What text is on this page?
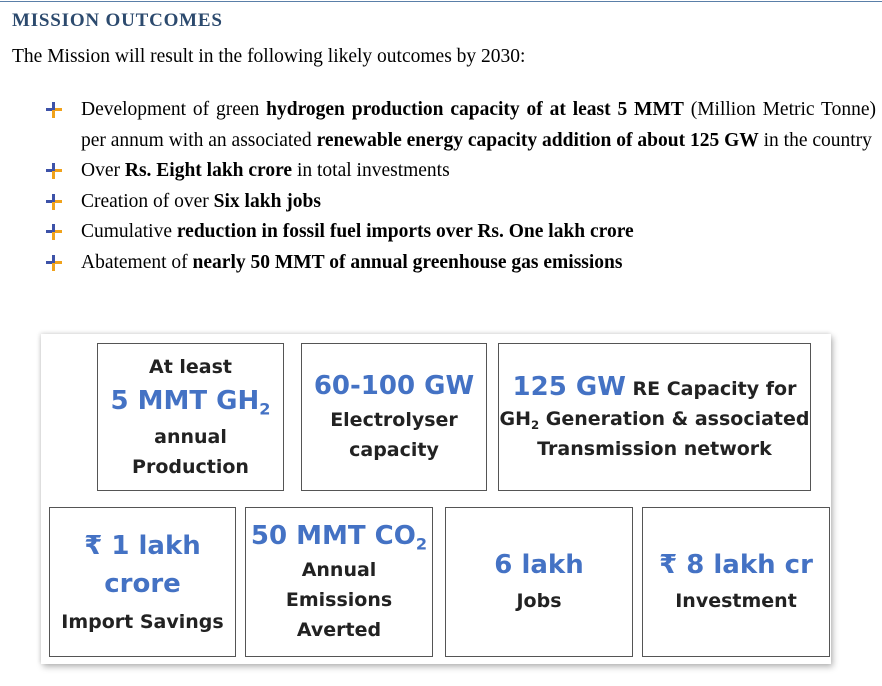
MISSION OUTCOMES
The Mission will result in the following likely outcomes by 2030:
Development of green hydrogen production capacity of at least 5 MMT (Million Metric Tonne) per annum with an associated renewable energy capacity addition of about 125 GW in the country
Over Rs. Eight lakh crore in total investments
Creation of over Six lakh jobs
Cumulative reduction in fossil fuel imports over Rs. One lakh crore
Abatement of nearly 50 MMT of annual greenhouse gas emissions
At least
5 MMT $GH_2$
annual
Production
60-100 GW
Electrolyser
capacity
125 GW RE Capacity for
$GH_2$ Generation & associated
Transmission network
₹ 1 lakh
crore
Import Savings
50 MMT $CO_2$
Annual
Emissions
Averted
6 lakh
Jobs
₹ 8 lakh cr
Investment
